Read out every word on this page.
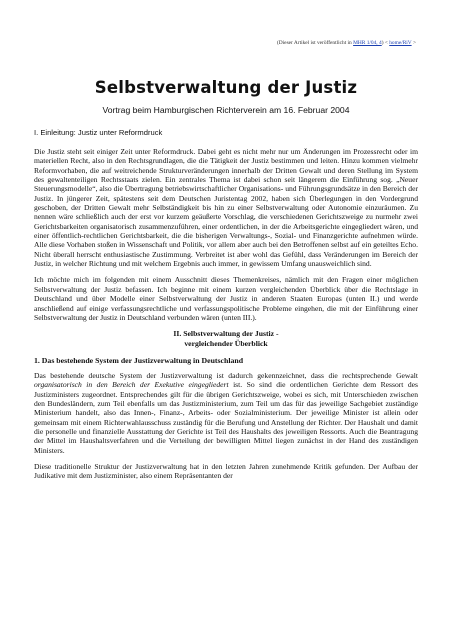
(Dieser Artikel ist veröffentlicht in MHR 1/04, 4) < home/RiV >
Selbstverwaltung der Justiz
Vortrag beim Hamburgischen Richterverein am 16. Februar 2004
I. Einleitung: Justiz unter Reformdruck

Die Justiz steht seit einiger Zeit unter Reformdruck. Dabei geht es nicht mehr nur um Änderungen im Prozessrecht oder im materiellen Recht, also in den Rechtsgrundlagen, die die Tätigkeit der Justiz bestimmen und leiten. Hinzu kommen vielmehr Reformvorhaben, die auf weitreichende Strukturveränderungen innerhalb der Dritten Gewalt und deren Stellung im System des gewaltenteiligen Rechtsstaats zielen. Ein zentrales Thema ist dabei schon seit längerem die Einführung sog. „Neuer Steuerungsmodelle“, also die Übertragung betriebswirtschaftlicher Organisations- und Führungsgrundsätze in den Bereich der Justiz. In jüngerer Zeit, spätestens seit dem Deutschen Juristentag 2002, haben sich Überlegungen in den Vordergrund geschoben, der Dritten Gewalt mehr Selbständigkeit bis hin zu einer Selbstverwaltung oder Autonomie einzuräumen. Zu nennen wäre schließlich auch der erst vor kurzem geäußerte Vorschlag, die verschiedenen Gerichtszweige zu nurmehr zwei Gerichtsbarkeiten organisatorisch zusammenzuführen, einer ordentlichen, in der die Arbeitsgerichte eingegliedert wären, und einer öffentlich-rechtlichen Gerichtsbarkeit, die die bisherigen Verwaltungs-, Sozial- und Finanzgerichte aufnehmen würde. Alle diese Vorhaben stoßen in Wissenschaft und Politik, vor allem aber auch bei den Betroffenen selbst auf ein geteiltes Echo. Nicht überall herrscht enthusiastische Zustimmung. Verbreitet ist aber wohl das Gefühl, dass Veränderungen im Bereich der Justiz, in welcher Richtung und mit welchem Ergebnis auch immer, in gewissem Umfang unausweichlich sind.

Ich möchte mich im folgenden mit einem Ausschnitt dieses Themenkreises, nämlich mit den Fragen einer möglichen Selbstverwaltung der Justiz befassen. Ich beginne mit einem kurzen vergleichenden Überblick über die Rechtslage in Deutschland und über Modelle einer Selbstverwaltung der Justiz in anderen Staaten Europas (unten II.) und werde anschließend auf einige verfassungsrechtliche und verfassungspolitische Probleme eingehen, die mit der Einführung einer Selbstverwaltung der Justiz in Deutschland verbunden wären (unten III.).

II. Selbstverwaltung der Justiz -
vergleichender Überblick
1. Das bestehende System der Justizverwaltung in Deutschland

Das bestehende deutsche System der Justizverwaltung ist dadurch gekennzeichnet, dass die rechtsprechende Gewalt organisatorisch in den Bereich der Exekutive eingegliedert ist. So sind die ordentlichen Gerichte dem Ressort des Justizministers zugeordnet. Entsprechendes gilt für die übrigen Gerichtszweige, wobei es sich, mit Unterschieden zwischen den Bundesländern, zum Teil ebenfalls um das Justizministerium, zum Teil um das für das jeweilige Sachgebiet zuständige Ministerium handelt, also das Innen-, Finanz-, Arbeits- oder Sozialministerium. Der jeweilige Minister ist allein oder gemeinsam mit einem Richterwahlausschuss zuständig für die Berufung und Anstellung der Richter. Der Haushalt und damit die personelle und finanzielle Ausstattung der Gerichte ist Teil des Haushalts des jeweiligen Ressorts. Auch die Beantragung der Mittel im Haushaltsverfahren und die Verteilung der bewilligten Mittel liegen zunächst in der Hand des zuständigen Ministers.

Diese traditionelle Struktur der Justizverwaltung hat in den letzten Jahren zunehmende Kritik gefunden. Der Aufbau der Judikative mit dem Justizminister, also einem Repräsentanten der
